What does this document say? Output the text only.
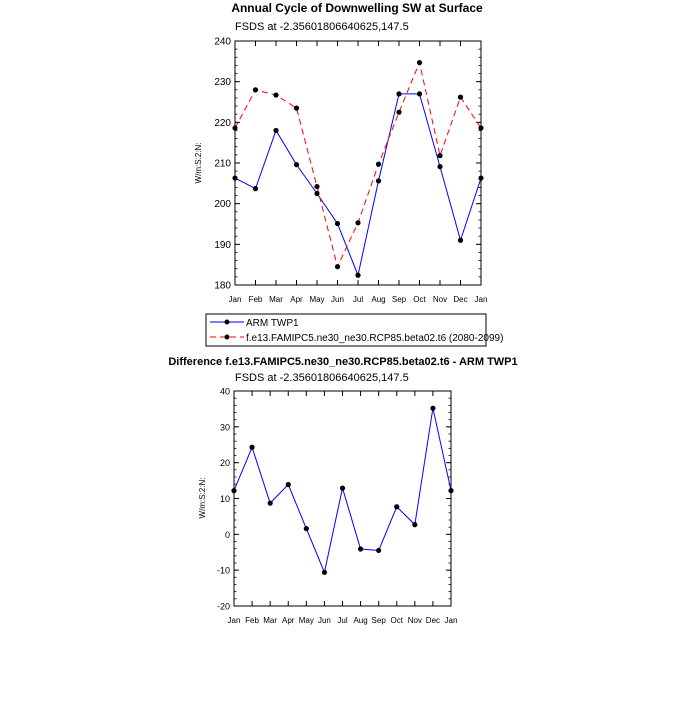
Annual Cycle of Downwelling SW at Surface
FSDS at -2.35601806640625,147.5
W/m:S:2:N:
180
190
200
210
220
230
240
Jan Feb Mar Apr May Jun Jul Aug Sep Oct Nov Dec Jan
ARM TWP1
f.e13.FAMIPC5.ne30_ne30.RCP85.beta02.t6 (2080-2099)
Difference f.e13.FAMIPC5.ne30_ne30.RCP85.beta02.t6 - ARM TWP1
FSDS at -2.35601806640625,147.5
W/m:S:2:N:
-20
-10
0
10
20
30
40
Jan Feb Mar Apr May Jun Jul Aug Sep Oct Nov Dec Jan
